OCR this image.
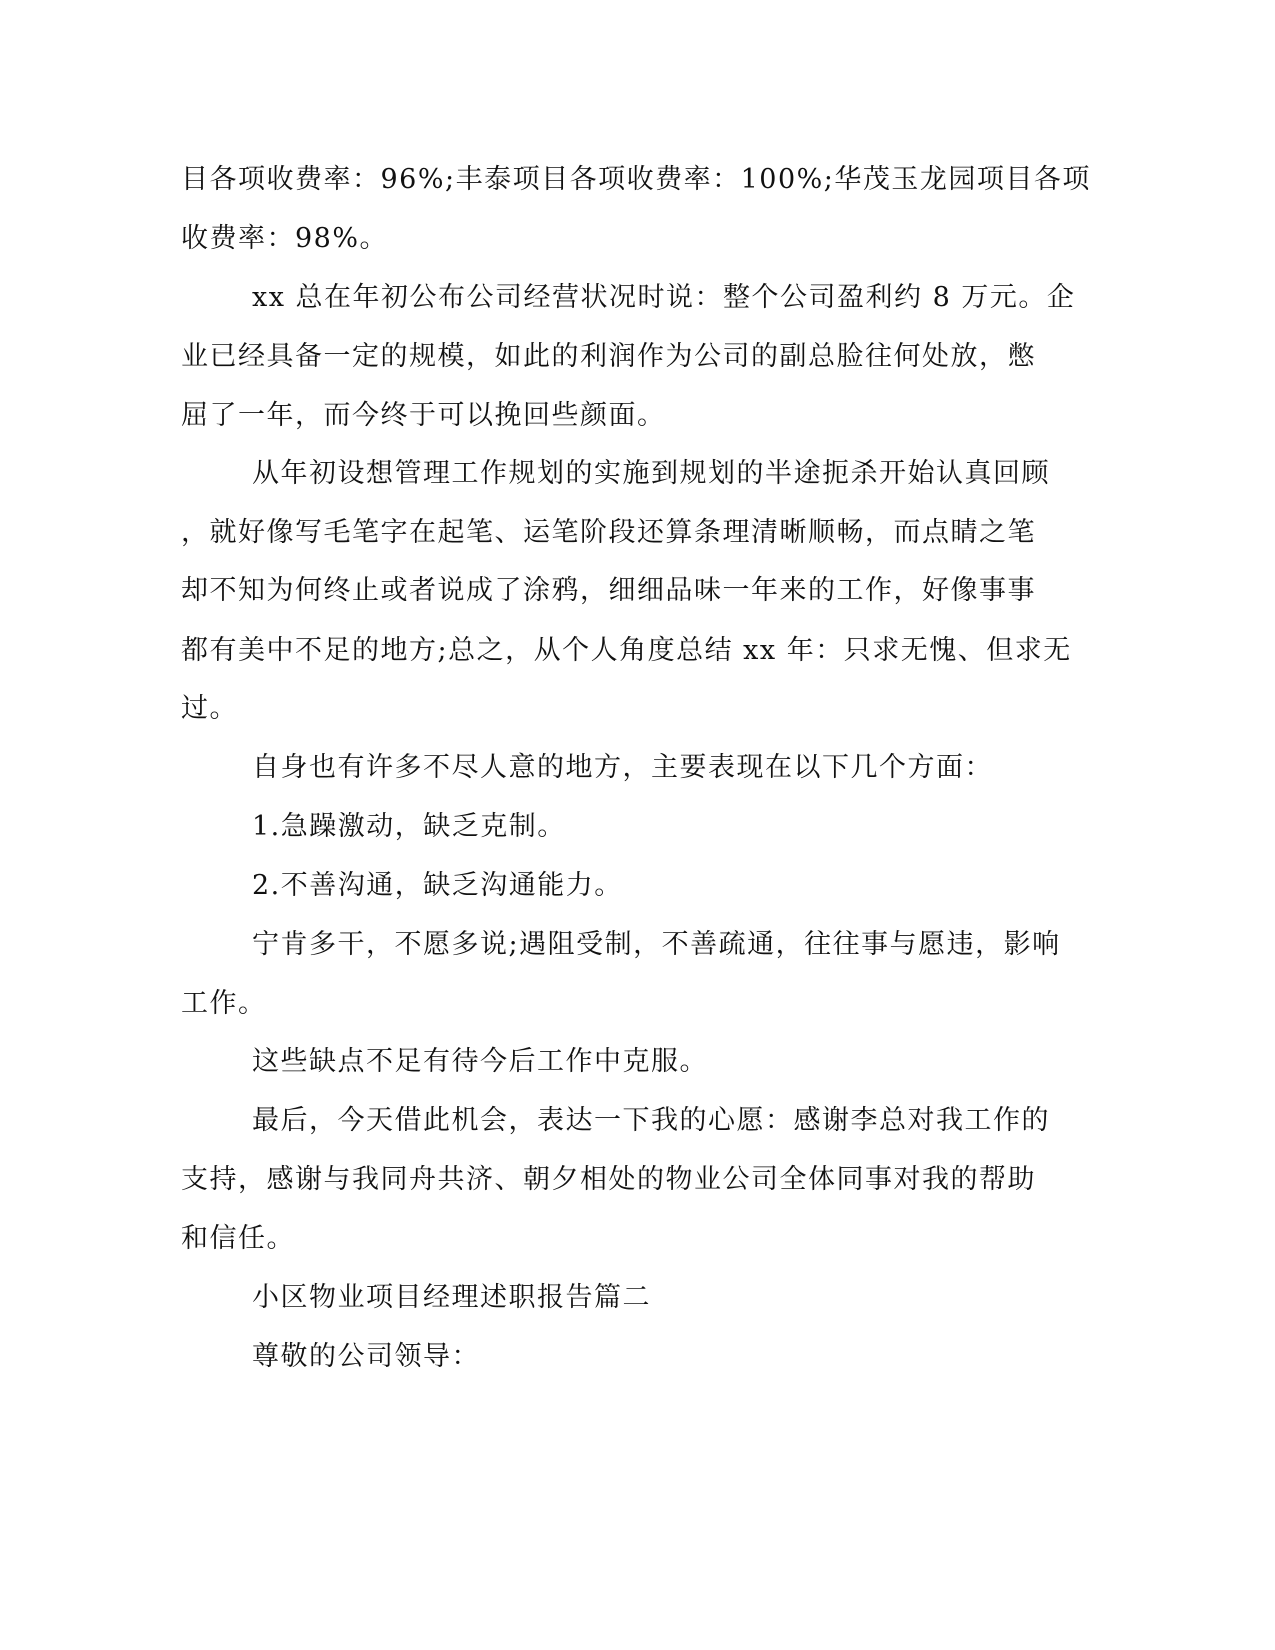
目各项收费率：96%;丰泰项目各项收费率：100%;华茂玉龙园项目各项
收费率：98%。
xx 总在年初公布公司经营状况时说：整个公司盈利约 8 万元。企
业已经具备一定的规模，如此的利润作为公司的副总脸往何处放，憋
屈了一年，而今终于可以挽回些颜面。
从年初设想管理工作规划的实施到规划的半途扼杀开始认真回顾
，就好像写毛笔字在起笔、运笔阶段还算条理清晰顺畅，而点睛之笔
却不知为何终止或者说成了涂鸦，细细品味一年来的工作，好像事事
都有美中不足的地方;总之，从个人角度总结 xx 年：只求无愧、但求无
过。
自身也有许多不尽人意的地方，主要表现在以下几个方面：
1.急躁激动，缺乏克制。
2.不善沟通，缺乏沟通能力。
宁肯多干，不愿多说;遇阻受制，不善疏通，往往事与愿违，影响
工作。
这些缺点不足有待今后工作中克服。
最后，今天借此机会，表达一下我的心愿：感谢李总对我工作的
支持，感谢与我同舟共济、朝夕相处的物业公司全体同事对我的帮助
和信任。
小区物业项目经理述职报告篇二
尊敬的公司领导：
